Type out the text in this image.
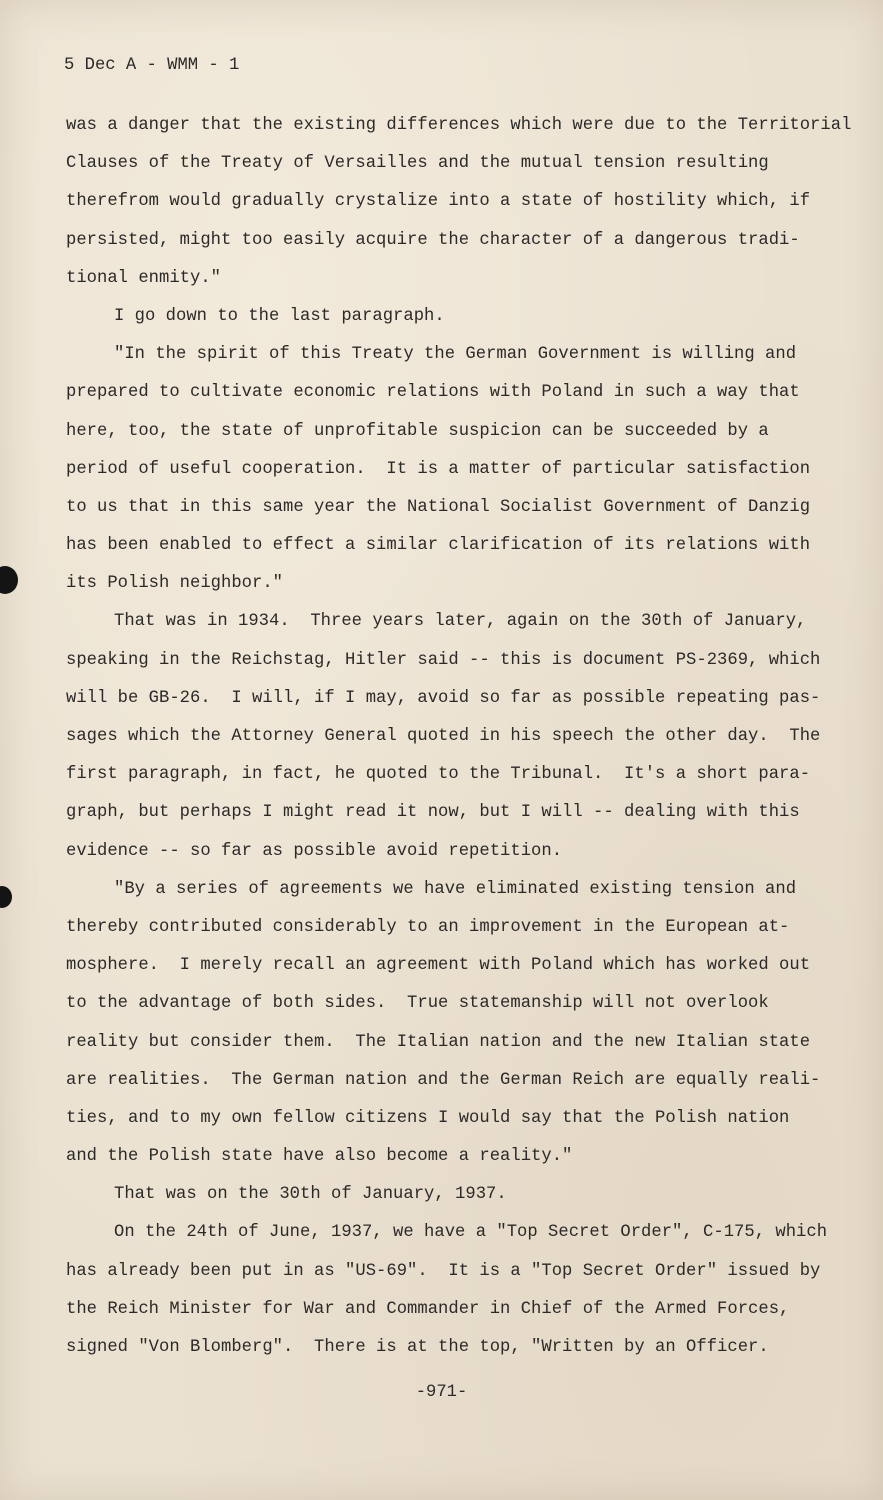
5 Dec A - WMM - 1

was a danger that the existing differences which were due to the Territorial
Clauses of the Treaty of Versailles and the mutual tension resulting
therefrom would gradually crystalize into a state of hostility which, if
persisted, might too easily acquire the character of a dangerous tradi-
tional enmity."
I go down to the last paragraph.
"In the spirit of this Treaty the German Government is willing and
prepared to cultivate economic relations with Poland in such a way that
here, too, the state of unprofitable suspicion can be succeeded by a
period of useful cooperation.  It is a matter of particular satisfaction
to us that in this same year the National Socialist Government of Danzig
has been enabled to effect a similar clarification of its relations with
its Polish neighbor."
That was in 1934.  Three years later, again on the 30th of January,
speaking in the Reichstag, Hitler said -- this is document PS-2369, which
will be GB-26.  I will, if I may, avoid so far as possible repeating pas-
sages which the Attorney General quoted in his speech the other day.  The
first paragraph, in fact, he quoted to the Tribunal.  It's a short para-
graph, but perhaps I might read it now, but I will -- dealing with this
evidence -- so far as possible avoid repetition.
"By a series of agreements we have eliminated existing tension and
thereby contributed considerably to an improvement in the European at-
mosphere.  I merely recall an agreement with Poland which has worked out
to the advantage of both sides.  True statemanship will not overlook
reality but consider them.  The Italian nation and the new Italian state
are realities.  The German nation and the German Reich are equally reali-
ties, and to my own fellow citizens I would say that the Polish nation
and the Polish state have also become a reality."
That was on the 30th of January, 1937.
On the 24th of June, 1937, we have a "Top Secret Order", C-175, which
has already been put in as "US-69".  It is a "Top Secret Order" issued by
the Reich Minister for War and Commander in Chief of the Armed Forces,
signed "Von Blomberg".  There is at the top, "Written by an Officer.

-971-
